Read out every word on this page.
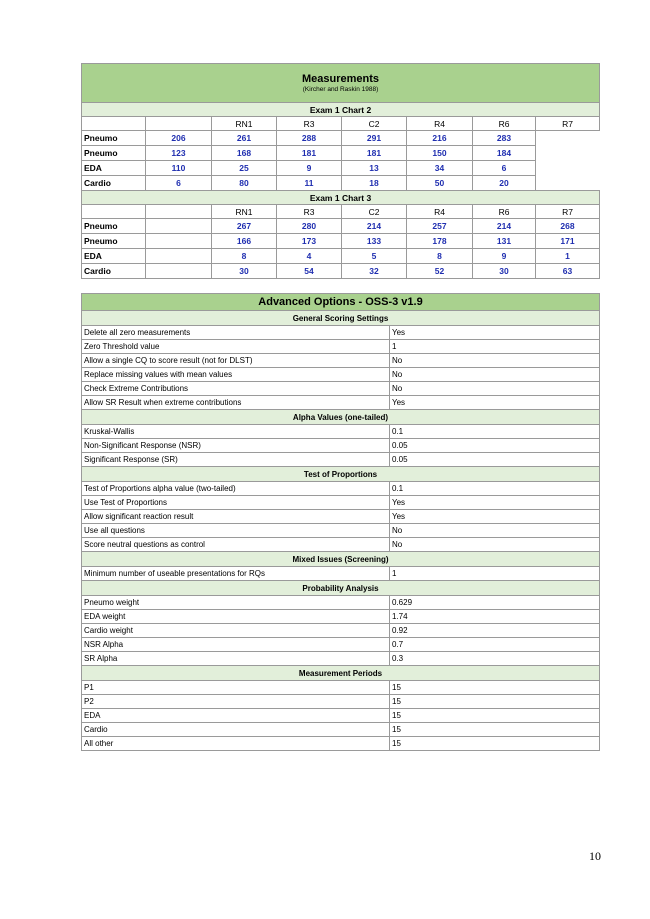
Measurements
(Kircher and Raskin 1988)								

Exam 1 Chart 2								
		RN1	R3	C2	R4	R6	R7	
Pneumo	206	261	288	291	216	283		
Pneumo	123	168	181	181	150	184		
EDA	110	25	9	13	34	6		
Cardio	6	80	11	18	50	20		
Exam 1 Chart 3								
		RN1	R3	C2	R4	R6	R7	
Pneumo		267	280	214	257	214	268	
Pneumo		166	173	133	178	131	171	
EDA		8	4	5	8	9	1	
Cardio		30	54	32	52	30	63	
Advanced Options - OSS-3 v1.9	
General Scoring Settings	
Delete all zero measurements	Yes
Zero Threshold value	1
Allow a single CQ to score result (not for DLST)	No
Replace missing values with mean values	No
Check Extreme Contributions	No
Allow SR Result when extreme contributions	Yes
Alpha Values (one-tailed)	
Kruskal-Wallis	0.1
Non-Significant Response (NSR)	0.05
Significant Response (SR)	0.05
Test of Proportions	
Test of Proportions alpha value (two-tailed)	0.1
Use Test of Proportions	Yes
Allow significant reaction result	Yes
Use all questions	No
Score neutral questions as control	No
Mixed Issues (Screening)	
Minimum number of useable presentations for RQs	1
Probability Analysis	
Pneumo weight	0.629
EDA weight	1.74
Cardio weight	0.92
NSR Alpha	0.7
SR Alpha	0.3
Measurement Periods	
P1	15
P2	15
EDA	15
Cardio	15
All other	15
10
